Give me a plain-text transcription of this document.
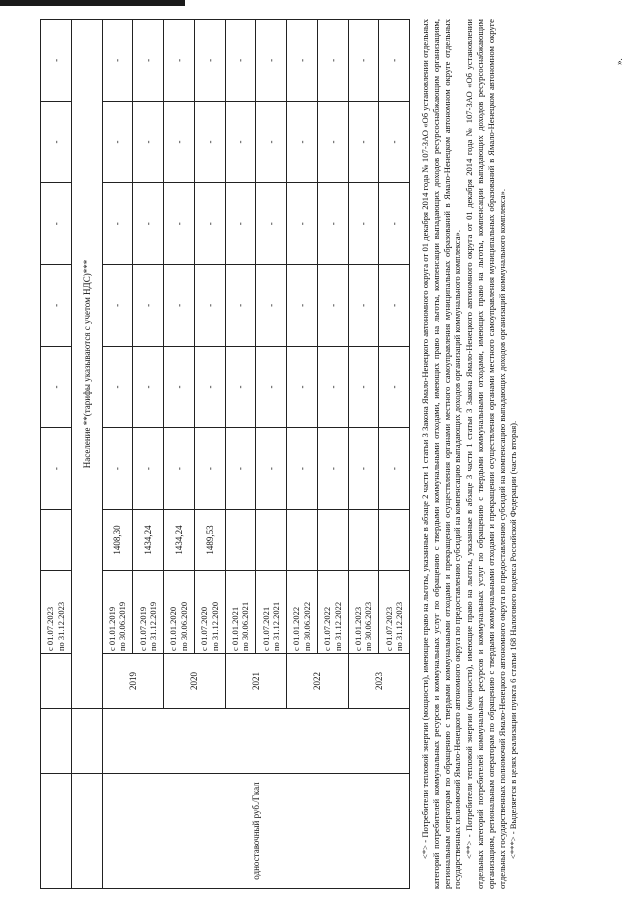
			с 01.07.2023 по 31.12.2023		-	-	-	-	-	-
		Население **(тарифы указываются с учетом НДС)***								
одноставочный руб./Гкал		2019	с 01.01.2019 по 30.06.2019	1408,30	-	-	-	-	-	-

			с 01.07.2019 по 31.12.2019	1434,24	-	-	-	-	-	-
		2020	с 01.01.2020 по 30.06.2020	1434,24	-	-	-	-	-	-

			с 01.07.2020 по 31.12.2020	1489,53	-	-	-	-	-	-
		2021	с 01.01.2021 по 30.06.2021		-	-	-	-	-	-

			с 01.07.2021 по 31.12.2021		-	-	-	-	-	-
		2022	с 01.01.2022 по 30.06.2022		-	-	-	-	-	-

			с 01.07.2022 по 31.12.2022		-	-	-	-	-	-
		2023	с 01.01.2023 по 30.06.2023		-	-	-	-	-	-

			с 01.07.2023 по 31.12.2023		-	-	-	-	-	- <*> - Потребители тепловой энергии (мощности), имеющие право на льготы, указанные в абзаце 2 части 1 статьи 3 Закона Ямало-Ненецкого автономного округа от 01 декабря 2014 года № 107-ЗАО «Об установлении отдельных категорий потребителей коммунальных ресурсов и коммунальных услуг по обращению с твердыми коммунальными отходами, имеющих право на льготы, компенсации выпадающих доходов ресурсоснабжающим организациям, региональным операторам по обращению с твердыми коммунальными отходами и прекращении осуществления органами местного самоуправления муниципальных образований в Ямало-Ненецком автономном округе отдельных государственных полномочий Ямало-Ненецкого автономного округа по предоставлению субсидий на компенсацию выпадающих доходов организаций коммунального комплекса». <**> - Потребители тепловой энергии (мощности), имеющие право на льготы, указанные в абзаце 3 части 1 статьи 3 Закона Ямало-Ненецкого автономного округа от 01 декабря 2014 года № 107-ЗАО «Об установлении отдельных категорий потребителей коммунальных ресурсов и коммунальных услуг по обращению с твердыми коммунальными отходами, имеющих право на льготы, компенсации выпадающих доходов ресурсоснабжающим организациям, региональным операторам по обращению с твердыми коммунальными отходами и прекращении осуществления органами местного самоуправления муниципальных образований в Ямало-Ненецком автономном округе отдельных государственных полномочий Ямало-Ненецкого автономного округа по предоставлению субсидий на компенсацию выпадающих доходов организаций коммунального комплекса». <***> - Выделяется в целях реализации пункта 6 статьи 168 Налогового кодекса Российской Федерации (часть вторая).

».
